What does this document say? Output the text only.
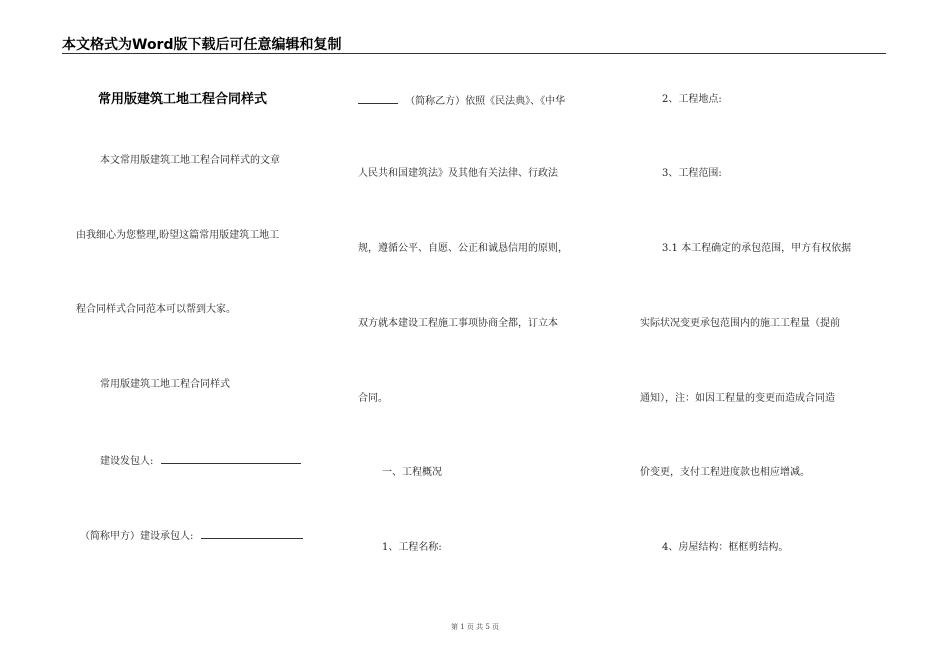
本文格式为Word版下载后可任意编辑和复制
常用版建筑工地工程合同样式
本文常用版建筑工地工程合同样式的文章
由我细心为您整理,盼望这篇常用版建筑工地工
程合同样式合同范本可以帮到大家。
常用版建筑工地工程合同样式
建设发包人:
（简称甲方）建设承包人:
（简称乙方）依照《民法典》、《中华
人民共和国建筑法》及其他有关法律、行政法
规，遵循公平、自愿、公正和诚恳信用的原则，
双方就本建设工程施工事项协商全都，订立本
合同。
一、工程概况
1、工程名称:
2、工程地点:
3、工程范围:
3.1 本工程确定的承包范围，甲方有权依据
实际状况变更承包范围内的施工工程量（提前
通知），注：如因工程量的变更而造成合同造
价变更，支付工程进度款也相应增减。
4、房屋结构：框框剪结构。
第 1 页 共 5 页
